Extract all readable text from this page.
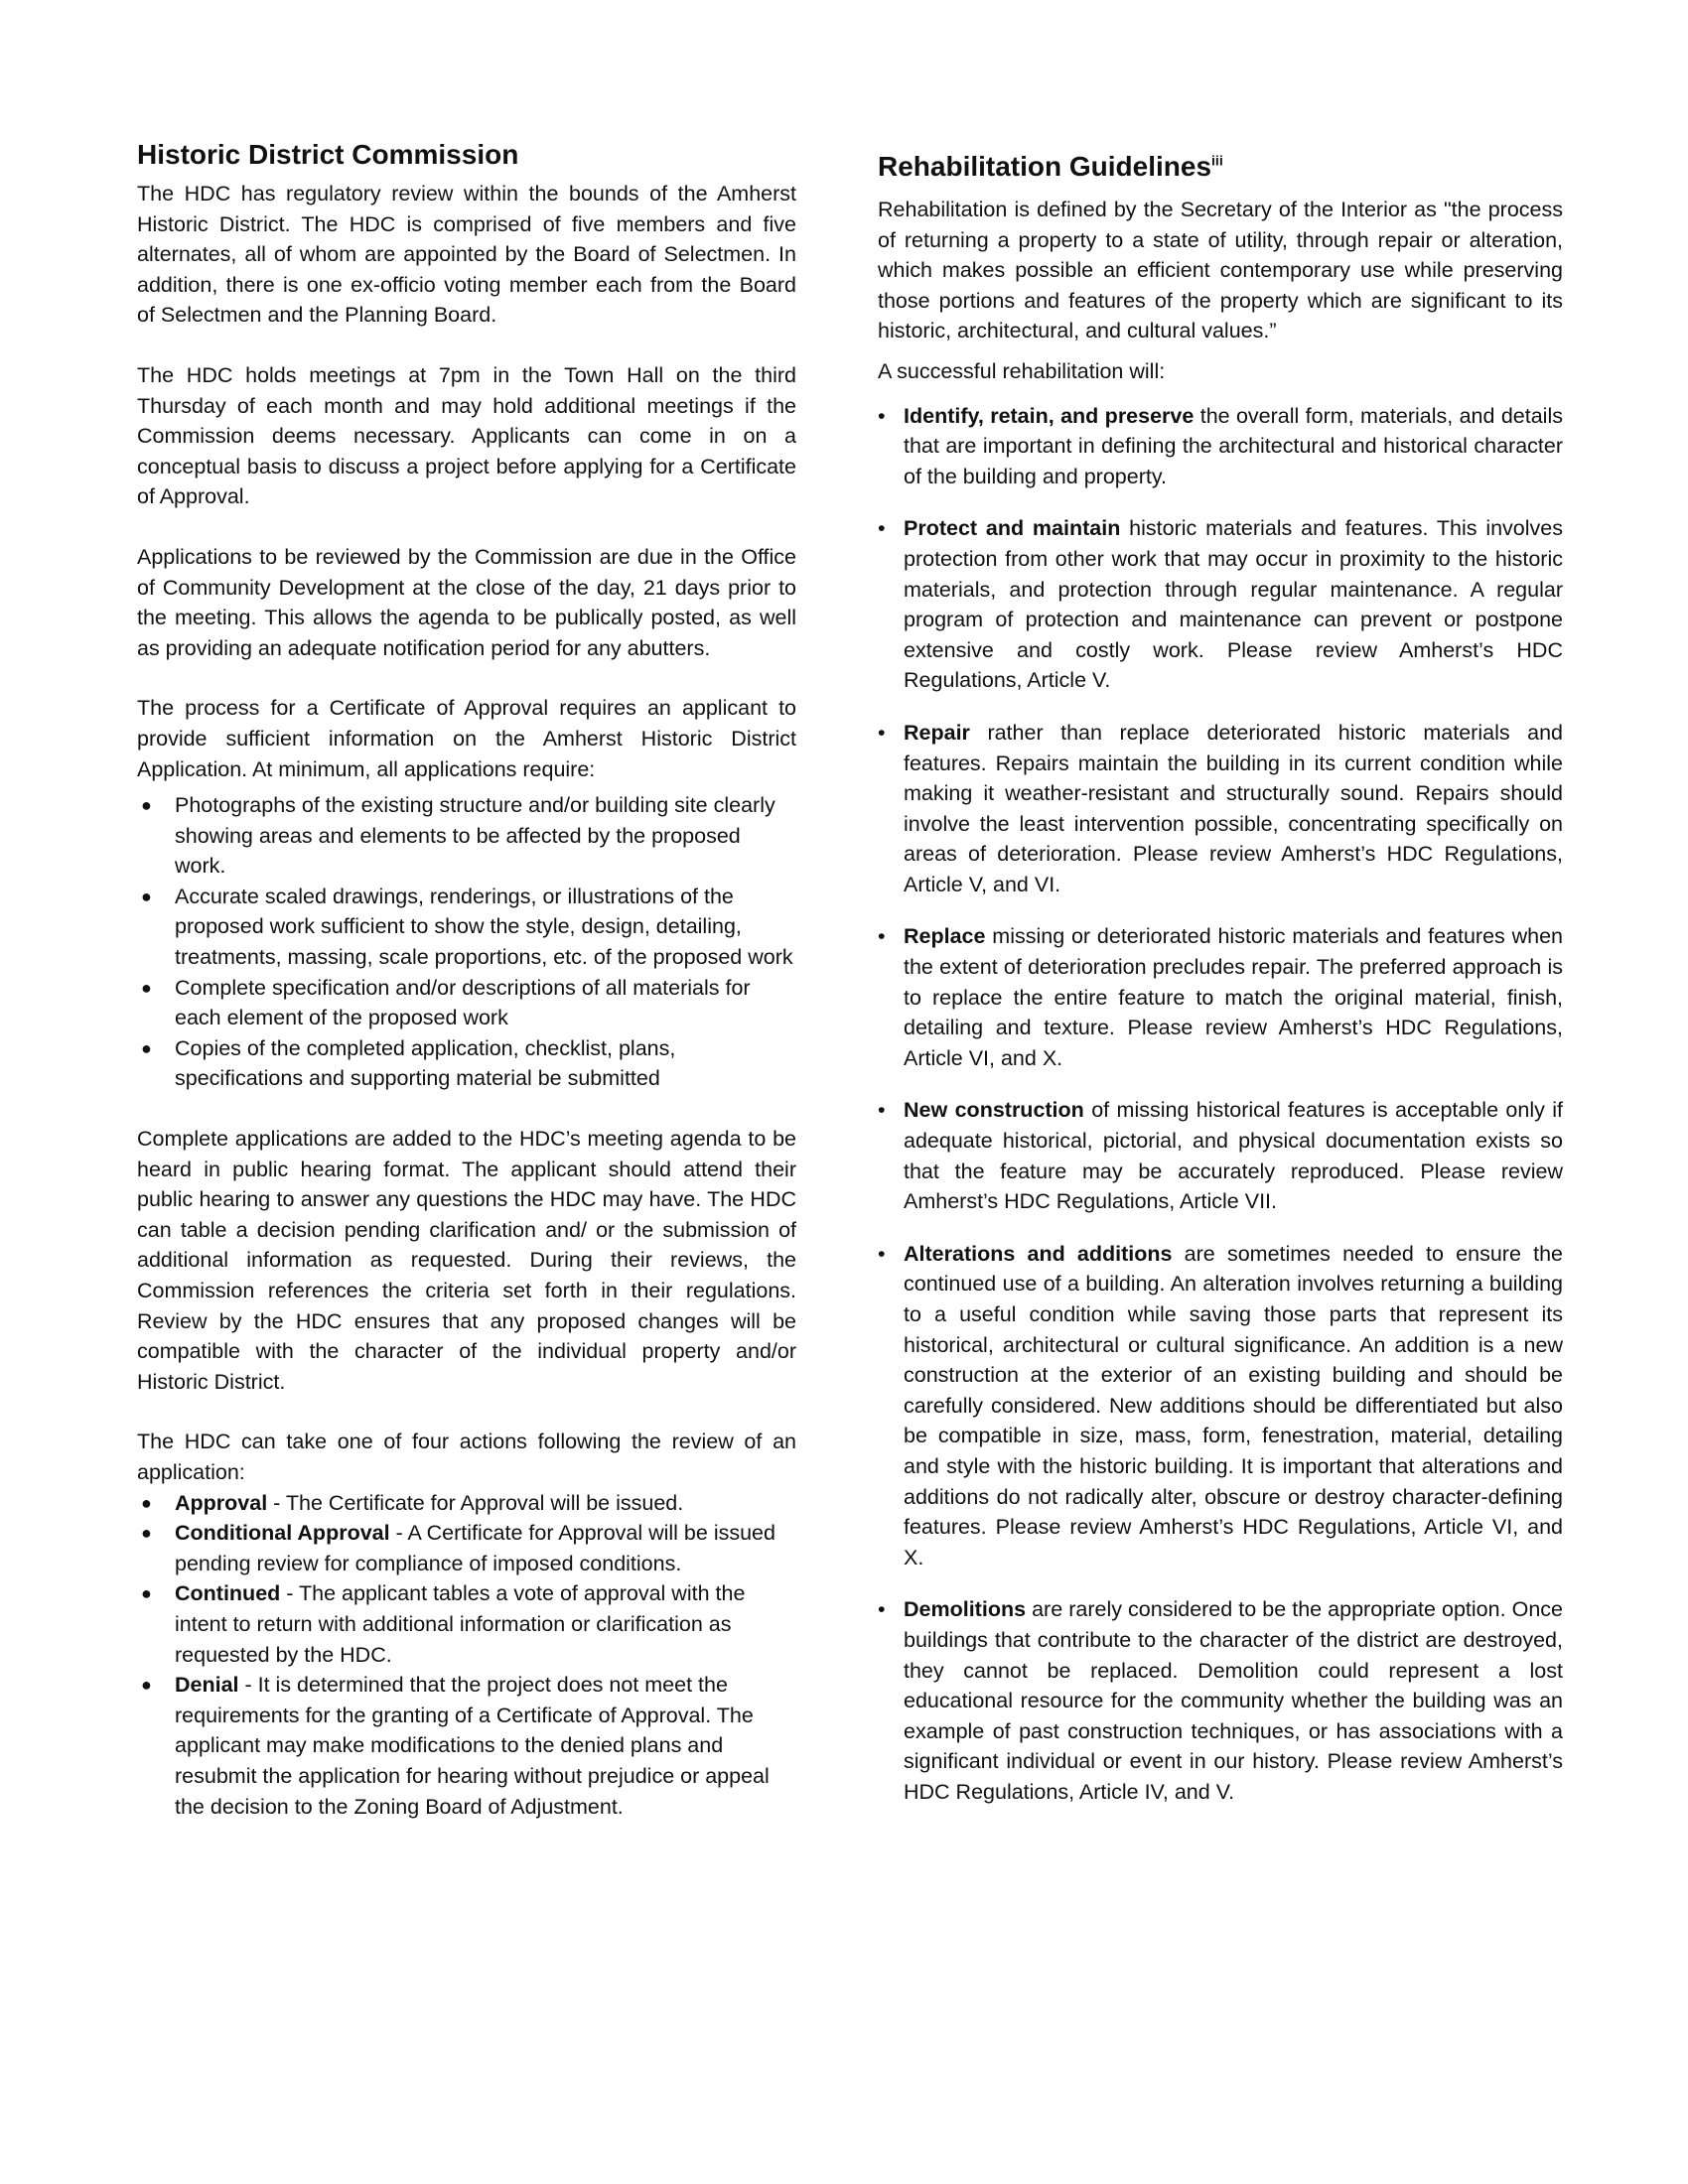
Historic District Commission

The HDC has regulatory review within the bounds of the Amherst Historic District. The HDC is comprised of five members and five alternates, all of whom are appointed by the Board of Selectmen. In addition, there is one ex-officio voting member each from the Board of Selectmen and the Planning Board.

The HDC holds meetings at 7pm in the Town Hall on the third Thursday of each month and may hold additional meetings if the Commission deems necessary. Applicants can come in on a conceptual basis to discuss a project before applying for a Certificate of Approval.

Applications to be reviewed by the Commission are due in the Office of Community Development at the close of the day, 21 days prior to the meeting. This allows the agenda to be publically posted, as well as providing an adequate notification period for any abutters.

The process for a Certificate of Approval requires an applicant to provide sufficient information on the Amherst Historic District Application. At minimum, all applications require:

● Photographs of the existing structure and/or building site clearly showing areas and elements to be affected by the proposed work.
● Accurate scaled drawings, renderings, or illustrations of the proposed work sufficient to show the style, design, detailing, treatments, massing, scale proportions, etc. of the proposed work
● Complete specification and/or descriptions of all materials for each element of the proposed work
● Copies of the completed application, checklist, plans, specifications and supporting material be submitted

Complete applications are added to the HDC’s meeting agenda to be heard in public hearing format. The applicant should attend their public hearing to answer any questions the HDC may have. The HDC can table a decision pending clarification and/ or the submission of additional information as requested. During their reviews, the Commission references the criteria set forth in their regulations. Review by the HDC ensures that any proposed changes will be compatible with the character of the individual property and/or Historic District.

The HDC can take one of four actions following the review of an application:

● Approval - The Certificate for Approval will be issued.
● Conditional Approval - A Certificate for Approval will be issued pending review for compliance of imposed conditions.
● Continued - The applicant tables a vote of approval with the intent to return with additional information or clarification as requested by the HDC.
● Denial - It is determined that the project does not meet the requirements for the granting of a Certificate of Approval. The applicant may make modifications to the denied plans and resubmit the application for hearing without prejudice or appeal the decision to the Zoning Board of Adjustment.
Rehabilitation Guidelines$^{iii}$

Rehabilitation is defined by the Secretary of the Interior as "the process of returning a property to a state of utility, through repair or alteration, which makes possible an efficient contemporary use while preserving those portions and features of the property which are significant to its historic, architectural, and cultural values.”

A successful rehabilitation will:

• Identify, retain, and preserve the overall form, materials, and details that are important in defining the architectural and historical character of the building and property.
• Protect and maintain historic materials and features. This involves protection from other work that may occur in proximity to the historic materials, and protection through regular maintenance. A regular program of protection and maintenance can prevent or postpone extensive and costly work. Please review Amherst’s HDC Regulations, Article V.
• Repair rather than replace deteriorated historic materials and features. Repairs maintain the building in its current condition while making it weather-resistant and structurally sound. Repairs should involve the least intervention possible, concentrating specifically on areas of deterioration. Please review Amherst’s HDC Regulations, Article V, and VI.
• Replace missing or deteriorated historic materials and features when the extent of deterioration precludes repair. The preferred approach is to replace the entire feature to match the original material, finish, detailing and texture. Please review Amherst’s HDC Regulations, Article VI, and X.
• New construction of missing historical features is acceptable only if adequate historical, pictorial, and physical documentation exists so that the feature may be accurately reproduced. Please review Amherst’s HDC Regulations, Article VII.
• Alterations and additions are sometimes needed to ensure the continued use of a building. An alteration involves returning a building to a useful condition while saving those parts that represent its historical, architectural or cultural significance. An addition is a new construction at the exterior of an existing building and should be carefully considered. New additions should be differentiated but also be compatible in size, mass, form, fenestration, material, detailing and style with the historic building. It is important that alterations and additions do not radically alter, obscure or destroy character-defining features. Please review Amherst’s HDC Regulations, Article VI, and X.
• Demolitions are rarely considered to be the appropriate option. Once buildings that contribute to the character of the district are destroyed, they cannot be replaced. Demolition could represent a lost educational resource for the community whether the building was an example of past construction techniques, or has associations with a significant individual or event in our history. Please review Amherst’s HDC Regulations, Article IV, and V.
